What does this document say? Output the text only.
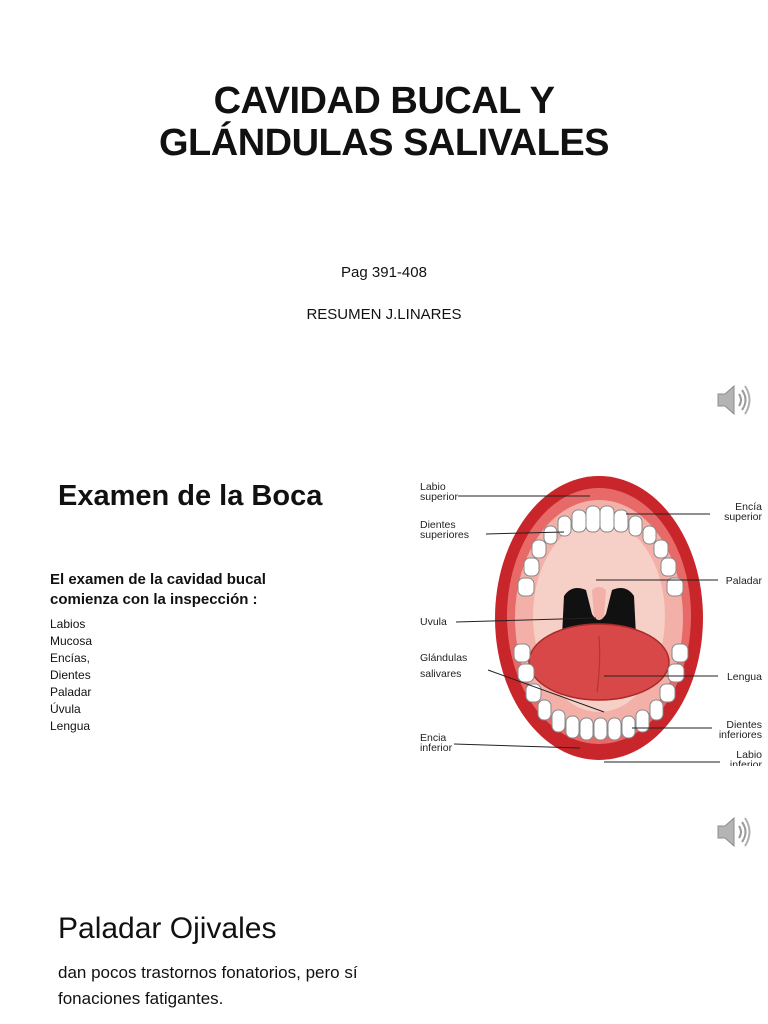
CAVIDAD BUCAL Y
GLÁNDULAS SALIVALES
Pag 391-408
RESUMEN J.LINARES
Examen de la Boca
El examen de la cavidad bucal
comienza con la inspección :
Labios
Mucosa
Encías,
Dientes
Paladar
Úvula
Lengua
Labio superior
Dientes superiores
Uvula
Glándulas salivares
Encia inferior
Encía superior
Paladar
Lengua
Dientes inferiores
Labio inferior
Paladar Ojivales
dan pocos trastornos fonatorios, pero sí
fonaciones fatigantes.
